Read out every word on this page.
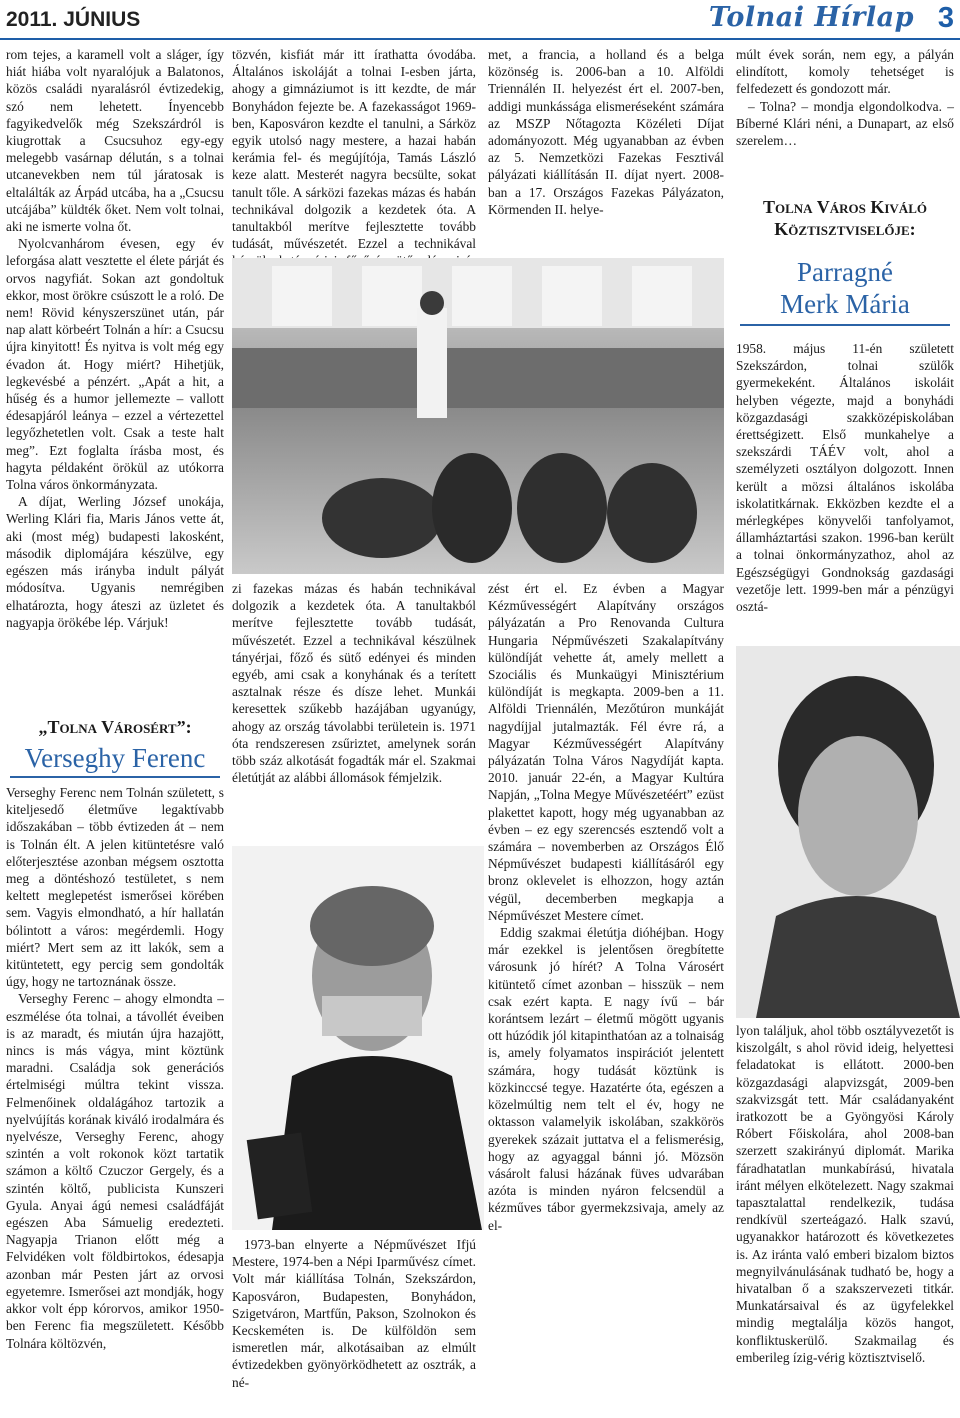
2011. JÚNIUS	Tolnai Hírlap 3

rom tejes, a karamell volt a sláger, így hiát hiába volt nyaralójuk a Balatonos, közös családi nyaralásról évtizedekig, szó nem lehetett. Ínyencebb fagyikedvelők még Szekszárdról is kiugrottak a Csucsuhoz egy-egy melegebb vasárnap délután, s a tolnai utcanevekben nem túl járatosak is eltalálták az Árpád utcába, ha a „Csucsu utcájába” küldték őket. Nem volt tolnai, aki ne ismerte volna őt.

Nyolcvanhárom évesen, egy év leforgása alatt vesztette el élete párját és orvos nagyfiát. Sokan azt gondoltuk ekkor, most örökre csúszott le a roló. De nem! Rövid kényszerszünet után, pár nap alatt körbeért Tolnán a hír: a Csucsu újra kinyitott! És nyitva is volt még egy évadon át. Hogy miért? Hihetjük, legkevésbé a pénzért. „Apát a hit, a hűség és a humor jellemezte – vallott édesapjáról leánya – ezzel a vértezettel legyőzhetetlen volt. Csak a teste halt meg”. Ezt foglalta írásba most, és hagyta példaként örökül az utókorra Tolna város önkormányzata.

A díjat, Werling József unokája, Werling Klári fia, Maris János vette át, aki (most még) budapesti lakosként, második diplomájára készülve, egy egészen más irányba indult pályát módosítva. Ugyanis nemrégiben elhatározta, hogy áteszi az üzletet és nagyapja örökébe lép. Várjuk!

„Tolna Városért”:
Verseghy Ferenc

Verseghy Ferenc nem Tolnán született, s kiteljesedő életműve legaktívabb időszakában – több évtizeden át – nem is Tolnán élt. A jelen kitüntetésre való előterjesztése azonban mégsem osztotta meg a döntéshozó testületet, s nem keltett meglepetést ismerősei körében sem. Vagyis elmondható, a hír hallatán bólintott a város: megérdemli. Hogy miért? Mert sem az itt lakók, sem a kitüntetett, egy percig sem gondolták úgy, hogy ne tartoznának össze.

Verseghy Ferenc – ahogy elmondta – eszmélése óta tolnai, a távollét éveiben is az maradt, és miután újra hazajött, nincs is más vágya, mint köztünk maradni. Családja sok generációs értelmiségi múltra tekint vissza. Felmenőinek oldalágához tartozik a nyelvújítás korának kiváló irodalmára és nyelvésze, Verseghy Ferenc, ahogy szintén a volt rokonok közt tartatik számon a költő Czuczor Gergely, és a szintén költő, publicista Kunszeri Gyula. Anyai ágú nemesi családfáját egészen Aba Sámuelig eredezteti. Nagyapja Trianon előtt még a Felvidéken volt földbirtokos, édesapja azonban már Pesten járt az orvosi egyetemre. Ismerősei azt mondják, hogy akkor volt épp kórorvos, amikor 1950-ben Ferenc fia megszületett. Később Tolnára költözvén,

tözvén, kisfiát már itt írathatta óvodába. Általános iskoláját a tolnai I-esben járta, ahogy a gimnáziumot is itt kezdte, de már Bonyhádon fejezte be. A fazekasságot 1969-ben, Kaposváron kezdte el tanulni, a Sárköz egyik utolsó nagy mestere, a hazai habán kerámia fel- és megújítója, Tamás László keze alatt. Mesterét nagyra becsülte, sokat tanult tőle. A sárközi fazekas mázas és habán technikával dolgozik a kezdetek óta. A tanultakból merítve fejlesztette tovább tudását, művészetét. Ezzel a technikával

zi fazekas mázas és habán technikával dolgozik a kezdetek óta. A tanultakból merítve fejlesztette tovább tudását, művészetét. Ezzel a technikával készülnek tányérjai, főző és sütő edényei és minden egyéb, ami csak a konyhának és a terített asztalnak része és dísze lehet. Munkái keresettek szűkebb hazájában ugyanúgy, ahogy az ország távolabbi területein is. 1971 óta rendszeresen zsűriztet, amelynek során több száz alkotását fogadták már el. Szakmai életútját az alábbi állomások fémjelzik.

1973-ban elnyerte a Népművészet Ifjú Mestere, 1974-ben a Népi Iparművész címet. Volt már kiállítása Tolnán, Szekszárdon, Kaposváron, Budapesten, Bonyhádon, Szigetváron, Martfűn, Pakson, Szolnokon és Kecskeméten is. De külföldön sem ismeretlen már, alkotásaiban az elmúlt évtizedekben gyönyörködhetett az osztrák, a né-

met, a francia, a holland és a belga közönség is. 2006-ban a 10. Alföldi Triennálén II. helyezést ért el. 2007-ben, addigi munkássága elismeréseként számára az MSZP Nőtagozta Közéleti Díjat adományozott. Még ugyanabban az évben az 5. Nemzetközi Fazekas Fesztivál pályázati kiállításán II. díjat nyert. 2008-ban a 17. Országos Fazekas Pályázaton, Körmenden II. helye-

zést ért el. Ez évben a Magyar Kézművességért Alapítvány országos pályázatán a Pro Renovanda Cultura Hungaria Népművészeti Szakalapítvány különdíját vehette át, amely mellett a Szociális és Munkaügyi Minisztérium különdíját is megkapta. 2009-ben a 11. Alföldi Triennálén, Mezőtúron munkáját nagydíjjal jutalmazták. Fél évre rá, a Magyar Kézművességért Alapítvány pályázatán Tolna Város Nagydíját kapta. 2010. január 22-én, a Magyar Kultúra Napján, „Tolna Megye Művészetéért” ezüst plakettet kapott, hogy még ugyanabban az évben – ez egy szerencsés esztendő volt a számára – novemberben az Országos Élő Népművészet budapesti kiállításáról egy bronz oklevelet is elhozzon, hogy aztán végül, decemberben megkapja a Népművészet Mestere címet.

Eddig szakmai életútja dióhéjban. Hogy már ezekkel is jelentősen öregbítette városunk jó hírét? A Tolna Városért kitüntető címet azonban – hisszük – nem csak ezért kapta. E nagy ívű – bár korántsem lezárt – életmű mögött ugyanis ott húzódik jól kitapinthatóan az a tolnaiság is, amely folyamatos inspirációt jelentett számára, hogy tudását köztünk is közkinccsé tegye. Hazatérte óta, egészen a közelmúltig nem telt el év, hogy ne oktasson valamelyik iskolában, szakkörös gyerekek százait juttatva el a felismerésig, hogy az agyaggal bánni jó. Mözsön vásárolt falusi házának füves udvarában azóta is minden nyáron felcsendül a kézműves tábor gyermekzsivaja, amely az el-

múlt évek során, nem egy, a pályán elindított, komoly tehetséget is felfedezett és gondozott már.

– Tolna? – mondja elgondolkodva. – Bíberné Klári néni, a Dunapart, az első szerelem…

Tolna Város Kiváló Köztisztviselője:
Parragné
Merk Mária

1958. május 11-én született Szekszárdon, tolnai szülők gyermekeként. Általános iskoláit helyben végezte, majd a bonyhádi közgazdasági szakközépiskolában érettségizett. Első munkahelye a szekszárdi TÁÉV volt, ahol a személyzeti osztályon dolgozott. Innen került a mözsi általános iskolába iskolatitkárnak. Ekközben kezdte el a mérlegképes könyvelői tanfolyamot, államháztartási szakon. 1996-ban került a tolnai önkormányzathoz, ahol az Egészségügyi Gondnokság gazdasági vezetője lett. 1999-ben már a pénzügyi osztá-

lyon találjuk, ahol több osztályvezetőt is kiszolgált, s ahol rövid ideig, helyettesi feladatokat is ellátott. 2000-ben közgazdasági alapvizsgát, 2009-ben szakvizsgát tett. Már családanyaként iratkozott be a Gyöngyösi Károly Róbert Főiskolára, ahol 2008-ban szerzett szakirányú diplomát. Marika fáradhatatlan munkabírású, hivatala iránt mélyen elkötelezett. Nagy szakmai tapasztalattal rendelkezik, tudása rendkívül szerteágazó. Halk szavú, ugyanakkor határozott és következetes is. Az iránta való emberi bizalom biztos megnyilvánulásának tudható be, hogy a hivatalban ő a szakszervezeti titkár. Munkatársaival és az ügyfelekkel mindig megtalálja közös hangot, konfliktuskerülő. Szakmailag és emberileg ízig-vérig köztisztviselő.
